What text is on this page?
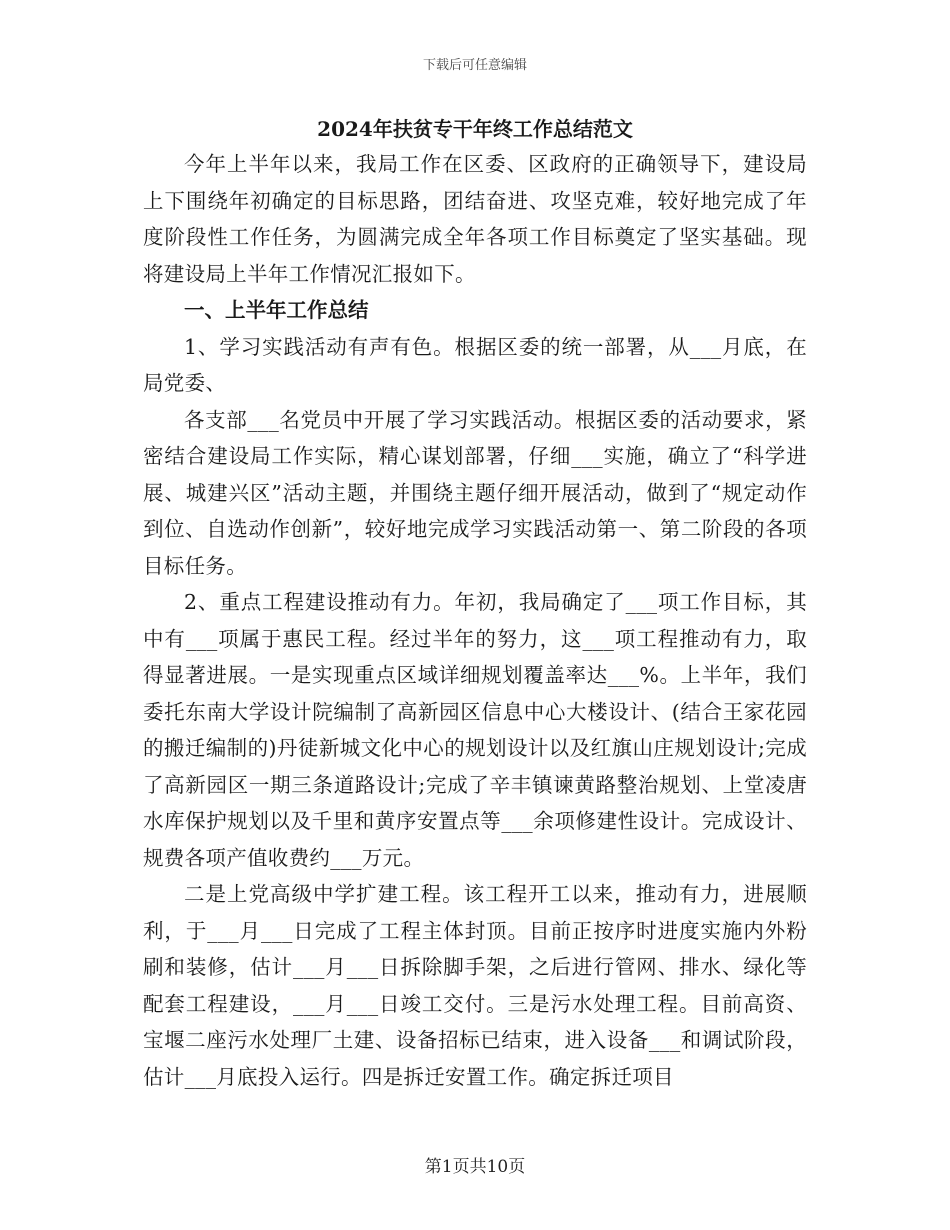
下载后可任意编辑
2024年扶贫专干年终工作总结范文

今年上半年以来，我局工作在区委、区政府的正确领导下，建设局上下围绕年初确定的目标思路，团结奋进、攻坚克难，较好地完成了年度阶段性工作任务，为圆满完成全年各项工作目标奠定了坚实基础。现将建设局上半年工作情况汇报如下。

一、上半年工作总结

1、学习实践活动有声有色。根据区委的统一部署，从___月底，在局党委、

各支部___名党员中开展了学习实践活动。根据区委的活动要求，紧密结合建设局工作实际，精心谋划部署，仔细___实施，确立了“科学进展、城建兴区”活动主题，并围绕主题仔细开展活动，做到了“规定动作到位、自选动作创新”，较好地完成学习实践活动第一、第二阶段的各项目标任务。

2、重点工程建设推动有力。年初，我局确定了___项工作目标，其中有___项属于惠民工程。经过半年的努力，这___项工程推动有力，取得显著进展。一是实现重点区域详细规划覆盖率达___%。上半年，我们委托东南大学设计院编制了高新园区信息中心大楼设计、(结合王家花园的搬迁编制的)丹徒新城文化中心的规划设计以及红旗山庄规划设计;完成了高新园区一期三条道路设计;完成了辛丰镇谏黄路整治规划、上堂凌唐水库保护规划以及千里和黄序安置点等___余项修建性设计。完成设计、规费各项产值收费约___万元。

二是上党高级中学扩建工程。该工程开工以来，推动有力，进展顺利，于___月___日完成了工程主体封顶。目前正按序时进度实施内外粉刷和装修，估计___月___日拆除脚手架，之后进行管网、排水、绿化等配套工程建设，___月___日竣工交付。三是污水处理工程。目前高资、宝堰二座污水处理厂土建、设备招标已结束，进入设备___和调试阶段，估计___月底投入运行。四是拆迁安置工作。确定拆迁项目

第1页共10页
